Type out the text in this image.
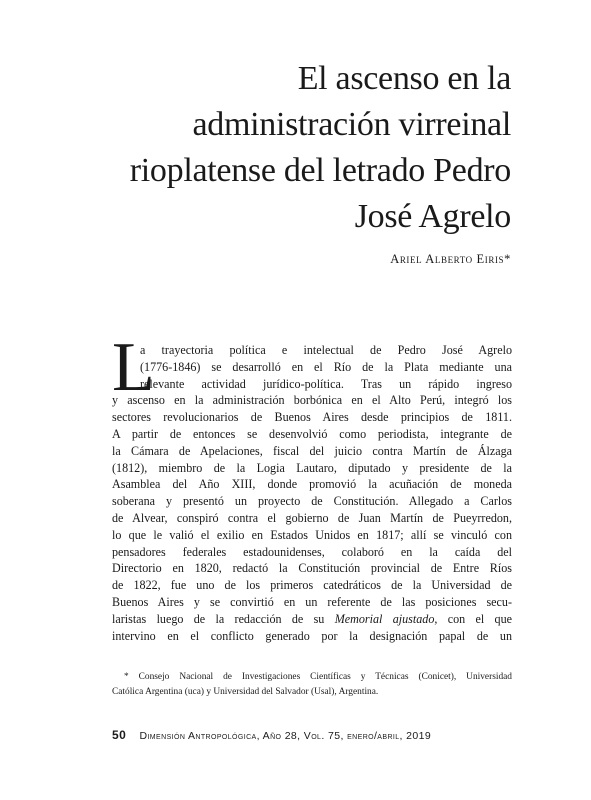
El ascenso en la
administración virreinal
rioplatense del letrado Pedro
José Agrelo
Ariel Alberto Eiris*
L
a trayectoria política e intelectual de Pedro José Agrelo
(1776-1846) se desarrolló en el Río de la Plata mediante una
relevante actividad jurídico-política. Tras un rápido ingreso
y ascenso en la administración borbónica en el Alto Perú, integró los
sectores revolucionarios de Buenos Aires desde principios de 1811.
A partir de entonces se desenvolvió como periodista, integrante de
la Cámara de Apelaciones, fiscal del juicio contra Martín de Álzaga
(1812), miembro de la Logia Lautaro, diputado y presidente de la
Asamblea del Año XIII, donde promovió la acuñación de moneda
soberana y presentó un proyecto de Constitución. Allegado a Carlos
de Alvear, conspiró contra el gobierno de Juan Martín de Pueyrredon,
lo que le valió el exilio en Estados Unidos en 1817; allí se vinculó con
pensadores federales estadounidenses, colaboró en la caída del
Directorio en 1820, redactó la Constitución provincial de Entre Ríos
de 1822, fue uno de los primeros catedráticos de la Universidad de
Buenos Aires y se convirtió en un referente de las posiciones secu-
laristas luego de la redacción de su Memorial ajustado, con el que
intervino en el conflicto generado por la designación papal de un
* Consejo Nacional de Investigaciones Científicas y Técnicas (Conicet), Universidad
Católica Argentina (uca) y Universidad del Salvador (Usal), Argentina.
50 Dimensión Antropológica, Año 28, Vol. 75, enero/abril, 2019
